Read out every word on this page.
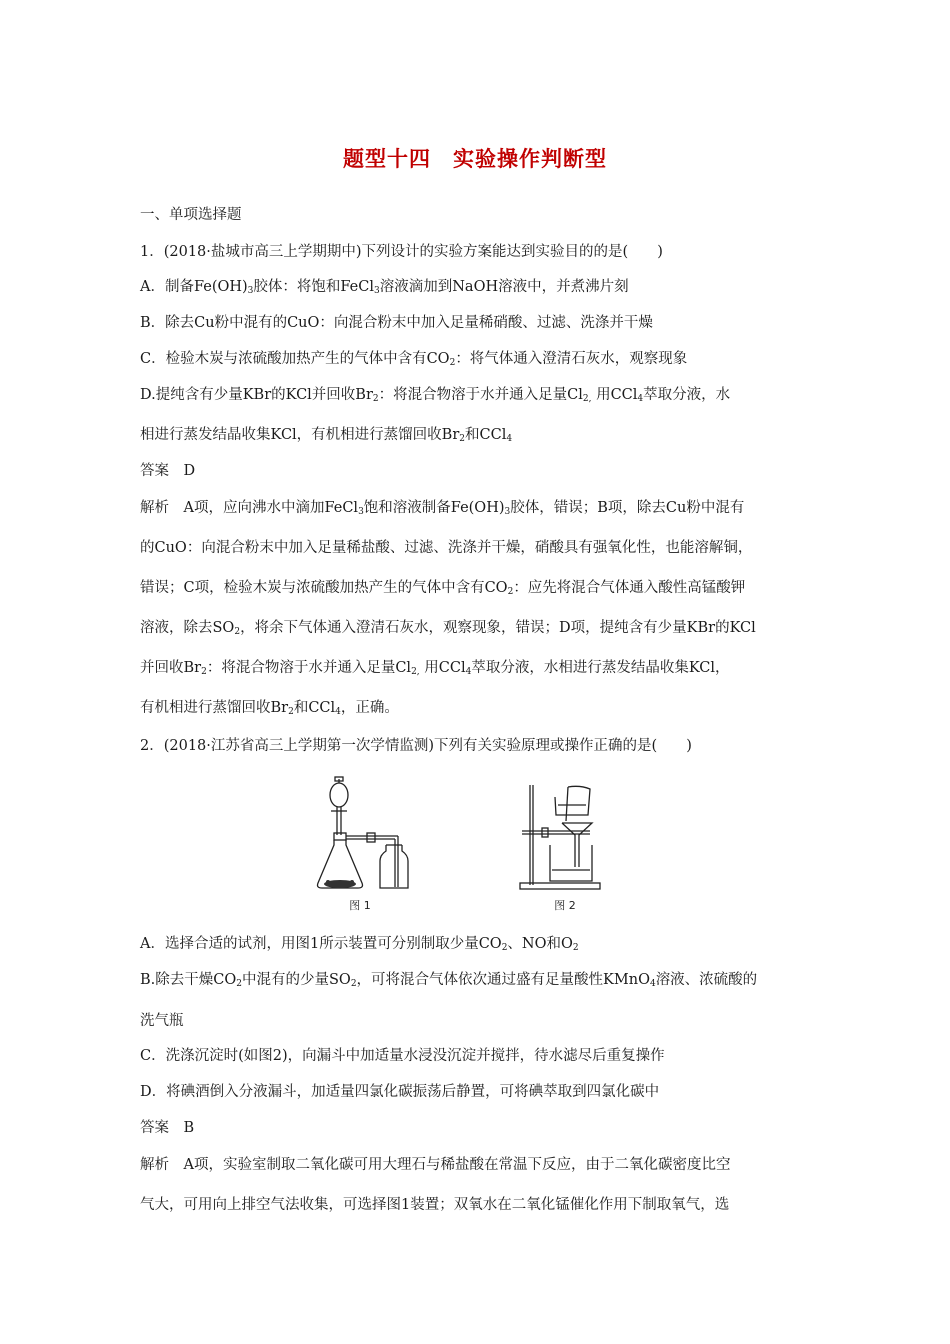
题型十四　实验操作判断型
一、单项选择题
1．(2018·盐城市高三上学期期中)下列设计的实验方案能达到实验目的的是(　　)
A．制备$Fe(OH)_3$胶体：将饱和FeCl$_3$溶液滴加到NaOH溶液中，并煮沸片刻
B．除去Cu粉中混有的CuO：向混合粉末中加入足量稀硝酸、过滤、洗涤并干燥
C．检验木炭与浓硫酸加热产生的气体中含有$CO_2$：将气体通入澄清石灰水，观察现象
D.提纯含有少量KBr的KCl并回收$Br_2$：将混合物溶于水并通入足量$Cl_{2,}$ 用CCl$_4$萃取分液，水
相进行蒸发结晶收集KCl，有机相进行蒸馏回收$Br_2$和CCl$_4$
答案　D
解析　A项，应向沸水中滴加FeCl$_3$饱和溶液制备$Fe(OH)_3$胶体，错误；B项，除去Cu粉中混有
的CuO：向混合粉末中加入足量稀盐酸、过滤、洗涤并干燥，硝酸具有强氧化性，也能溶解铜，
错误；C项，检验木炭与浓硫酸加热产生的气体中含有$CO_2$：应先将混合气体通入酸性高锰酸钾
溶液，除去$SO_2$，将余下气体通入澄清石灰水，观察现象，错误；D项，提纯含有少量KBr的KCl
并回收$Br_2$：将混合物溶于水并通入足量$Cl_{2,}$ 用CCl$_4$萃取分液，水相进行蒸发结晶收集KCl，
有机相进行蒸馏回收$Br_2$和CCl$_4$，正确。
2．(2018·江苏省高三上学期第一次学情监测)下列有关实验原理或操作正确的是(　　)
图 1	图 2
A．选择合适的试剂，用图1所示装置可分别制取少量$CO_2$、NO和$O_2$
B.除去干燥$CO_2$中混有的少量$SO_2$，可将混合气体依次通过盛有足量酸性KMnO$_4$溶液、浓硫酸的
洗气瓶
C．洗涤沉淀时(如图2)，向漏斗中加适量水浸没沉淀并搅拌，待水滤尽后重复操作
D．将碘酒倒入分液漏斗，加适量四氯化碳振荡后静置，可将碘萃取到四氯化碳中
答案　B
解析　A项，实验室制取二氧化碳可用大理石与稀盐酸在常温下反应，由于二氧化碳密度比空
气大，可用向上排空气法收集，可选择图1装置；双氧水在二氧化锰催化作用下制取氧气，选
